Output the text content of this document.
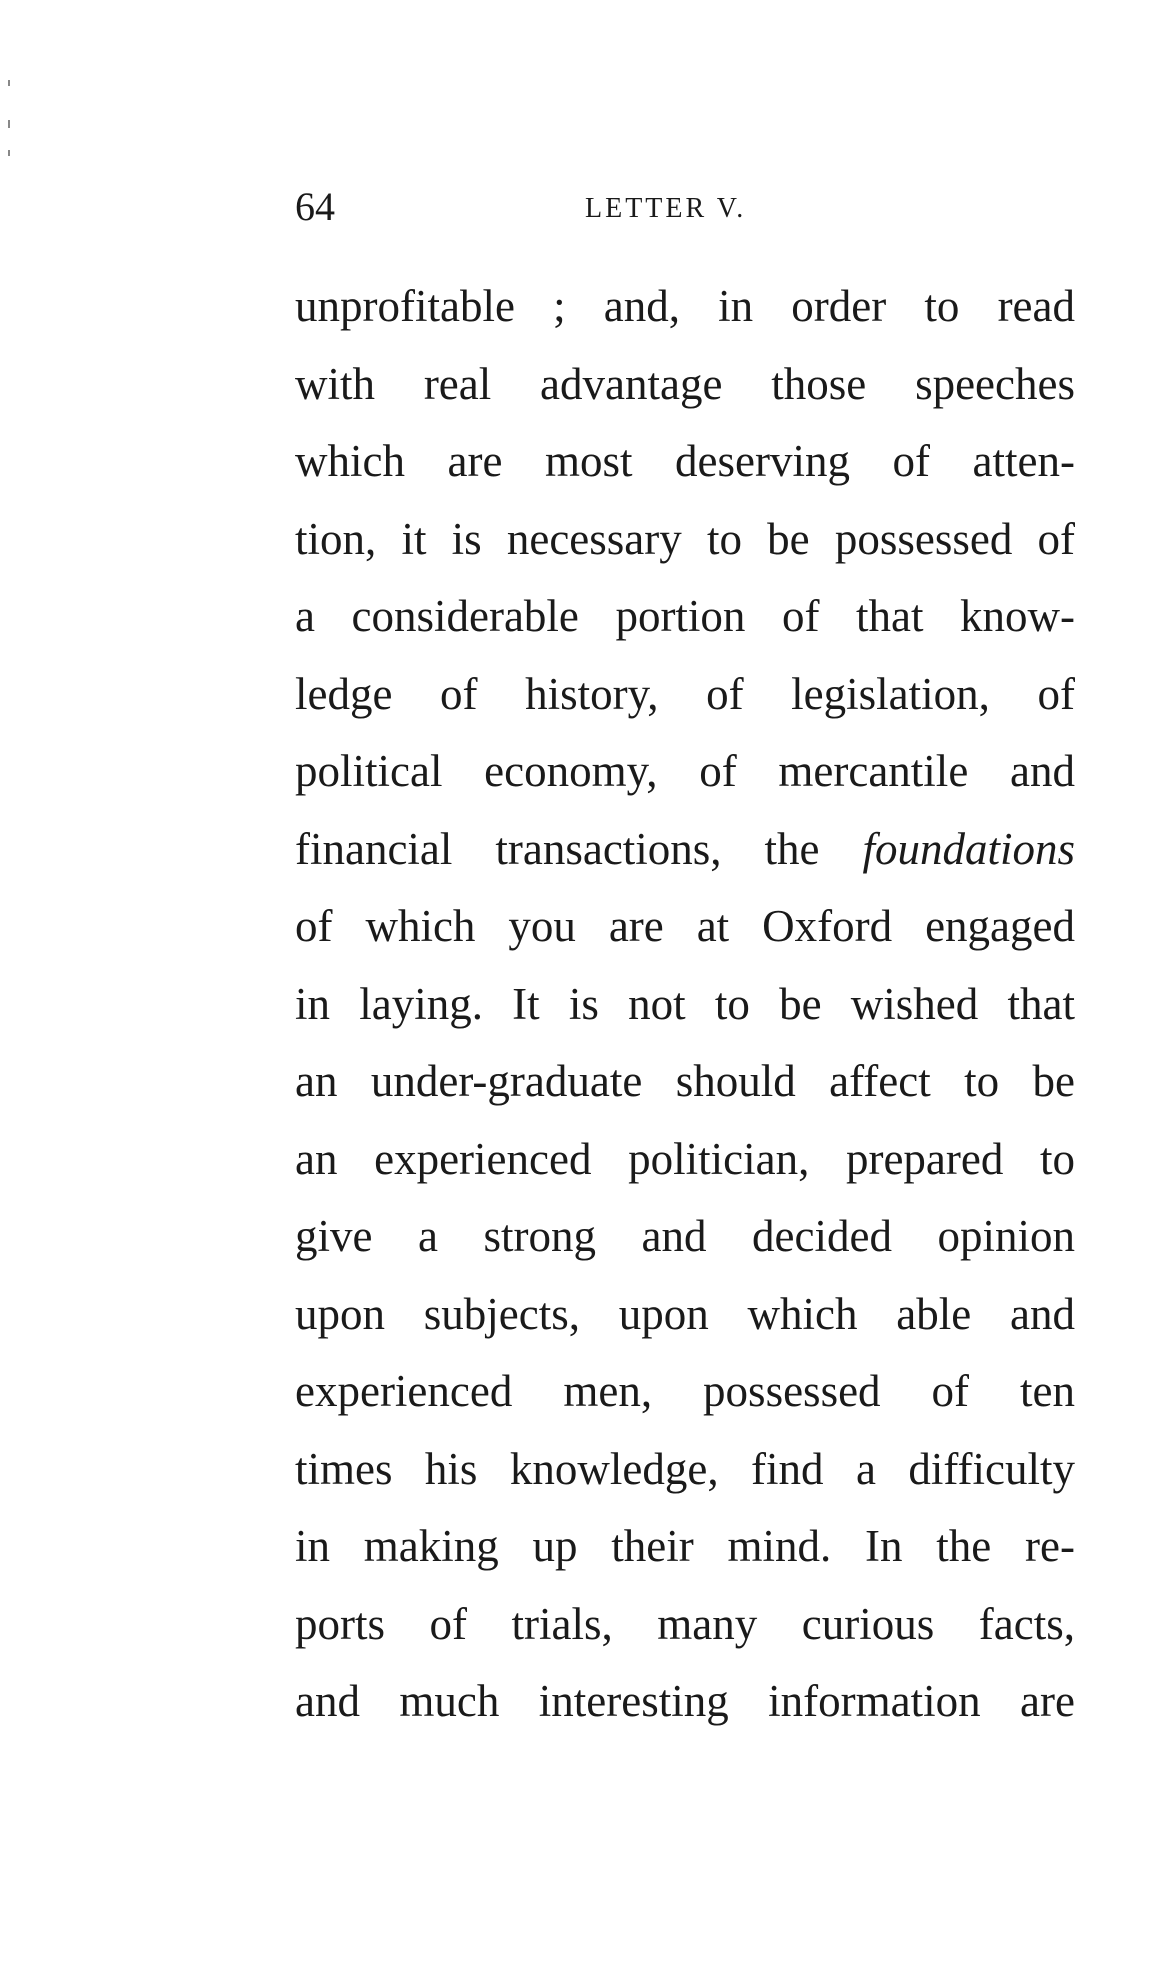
64	LETTER V.
unprofitable ; and, in order to read
with real advantage those speeches
which are most deserving of atten-
tion, it is necessary to be possessed of
a considerable portion of that know-
ledge of history, of legislation, of
political economy, of mercantile and
financial transactions, the foundations
of which you are at Oxford engaged
in laying. It is not to be wished that
an under-graduate should affect to be
an experienced politician, prepared to
give a strong and decided opinion
upon subjects, upon which able and
experienced men, possessed of ten
times his knowledge, find a difficulty
in making up their mind. In the re-
ports of trials, many curious facts,
and much interesting information are
